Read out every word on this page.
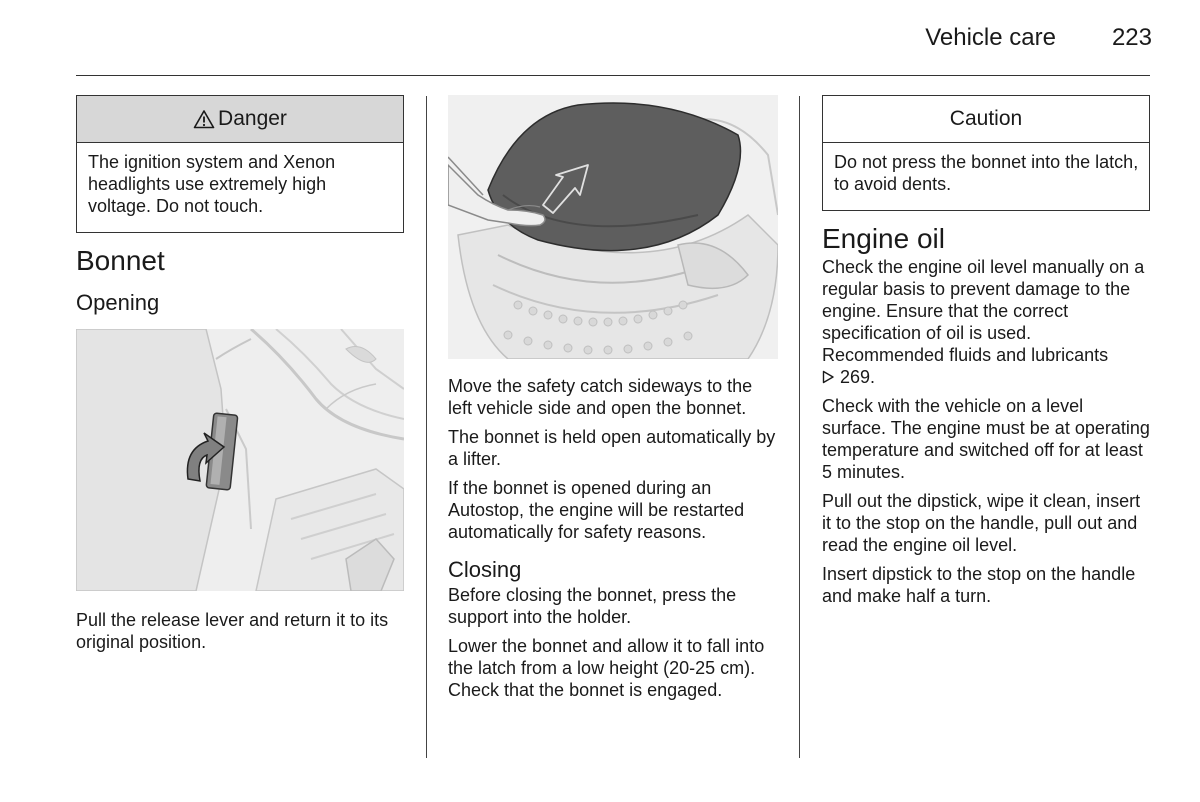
Vehicle care 223
Danger
The ignition system and Xenon headlights use extremely high voltage. Do not touch.
Bonnet
Opening

Pull the release lever and return it to its original position.

Move the safety catch sideways to the left vehicle side and open the bonnet.

The bonnet is held open automatically by a lifter.

If the bonnet is opened during an Autostop, the engine will be restarted automatically for safety reasons.

Closing

Before closing the bonnet, press the support into the holder.

Lower the bonnet and allow it to fall into the latch from a low height (20-25 cm). Check that the bonnet is engaged.

Caution
Do not press the bonnet into the latch, to avoid dents.
Engine oil

Check the engine oil level manually on a regular basis to prevent damage to the engine. Ensure that the correct specification of oil is used. Recommended fluids and lubricants
269.

Check with the vehicle on a level surface. The engine must be at operating temperature and switched off for at least 5 minutes.

Pull out the dipstick, wipe it clean, insert it to the stop on the handle, pull out and read the engine oil level.

Insert dipstick to the stop on the handle and make half a turn.
